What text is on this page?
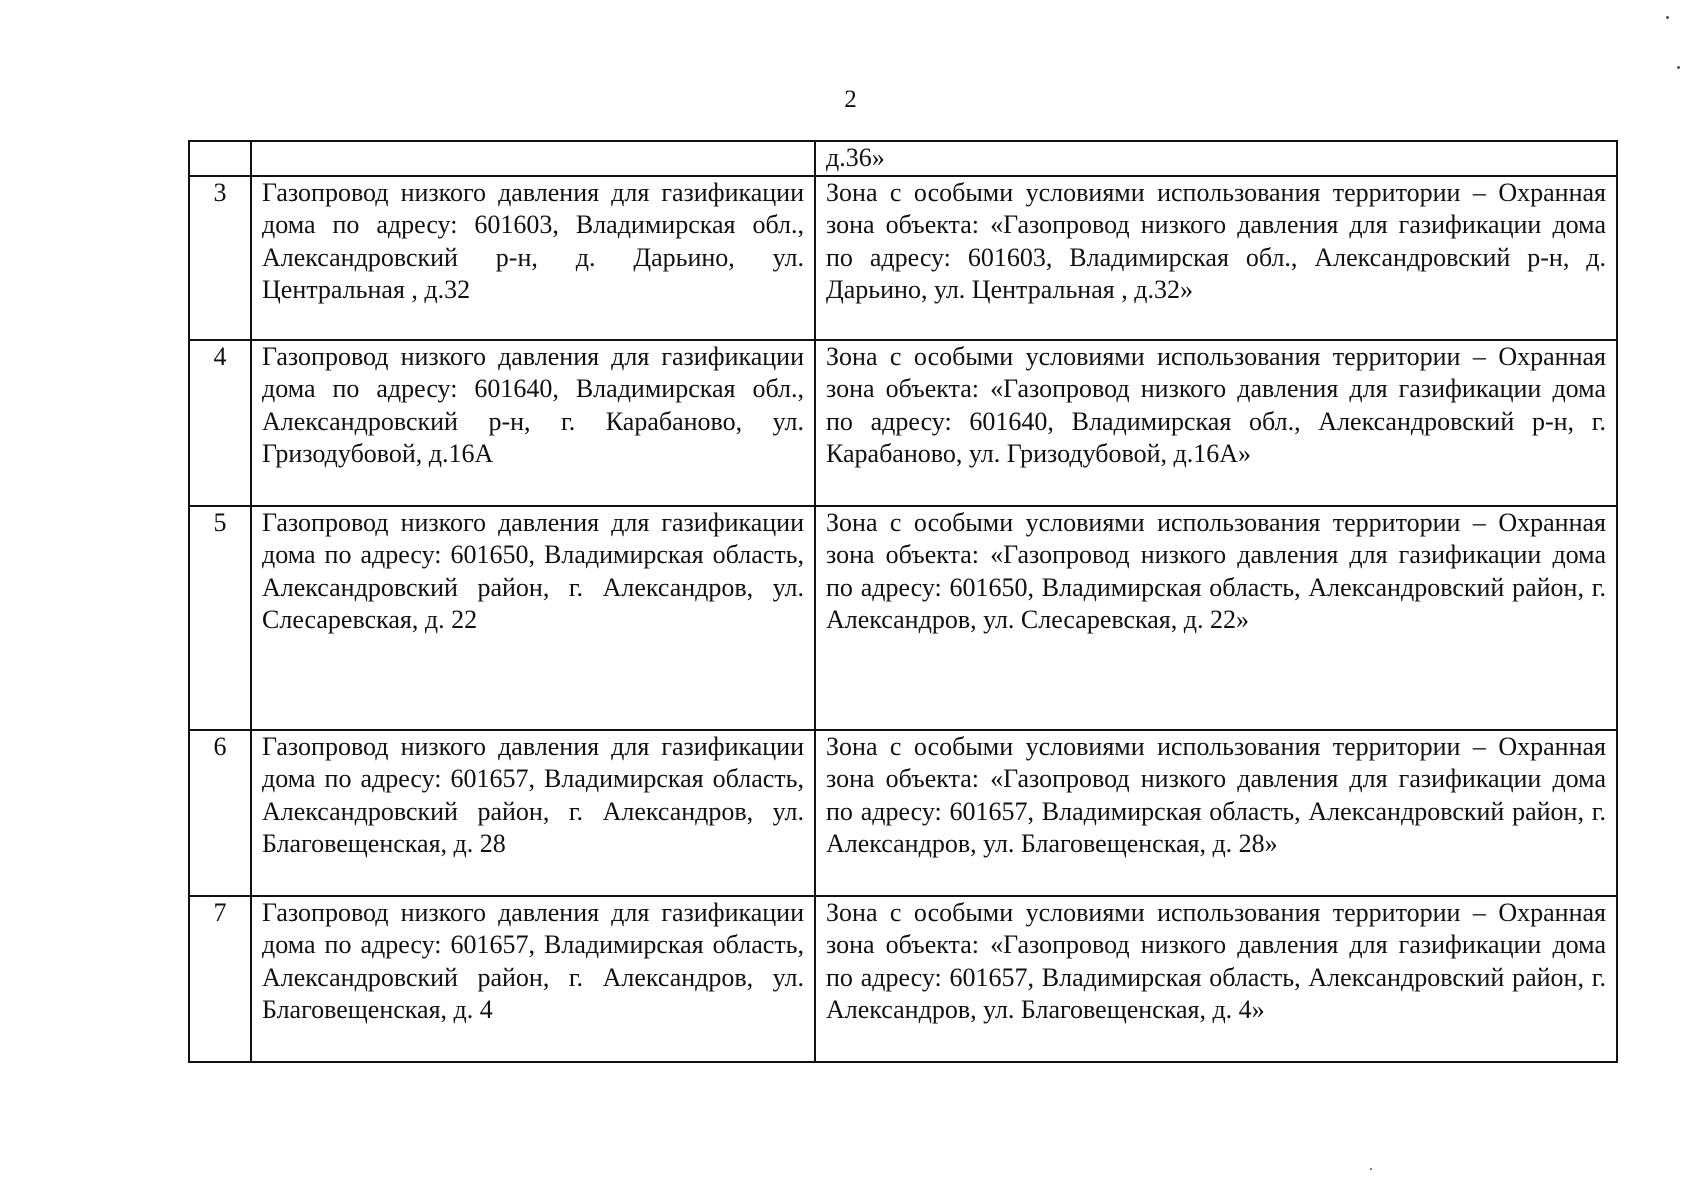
2
		д.36»
3	Газопровод низкого давления для газификации дома по адресу: 601603, Владимирская обл., Александровский р-н, д. Дарьино, ул. Центральная , д.32	Зона с особыми условиями использования территории – Охранная зона объекта: «Газопровод низкого давления для газификации дома по адресу: 601603, Владимирская обл., Александровский р-н, д. Дарьино, ул. Центральная , д.32»
4	Газопровод низкого давления для газификации дома по адресу: 601640, Владимирская обл., Александровский р-н, г. Карабаново, ул. Гризодубовой, д.16А	Зона с особыми условиями использования территории – Охранная зона объекта: «Газопровод низкого давления для газификации дома по адресу: 601640, Владимирская обл., Александровский р-н, г. Карабаново, ул. Гризодубовой, д.16А»
5	Газопровод низкого давления для газификации дома по адресу: 601650, Владимирская область, Александровский район, г. Александров, ул. Слесаревская, д. 22	Зона с особыми условиями использования территории – Охранная зона объекта: «Газопровод низкого давления для газификации дома по адресу: 601650, Владимирская область, Александровский район, г. Александров, ул. Слесаревская, д. 22»
6	Газопровод низкого давления для газификации дома по адресу: 601657, Владимирская область, Александровский район, г. Александров, ул. Благовещенская, д. 28	Зона с особыми условиями использования территории – Охранная зона объекта: «Газопровод низкого давления для газификации дома по адресу: 601657, Владимирская область, Александровский район, г. Александров, ул. Благовещенская, д. 28»
7	Газопровод низкого давления для газификации дома по адресу: 601657, Владимирская область, Александровский район, г. Александров, ул. Благовещенская, д. 4	Зона с особыми условиями использования территории – Охранная зона объекта: «Газопровод низкого давления для газификации дома по адресу: 601657, Владимирская область, Александровский район, г. Александров, ул. Благовещенская, д. 4»
